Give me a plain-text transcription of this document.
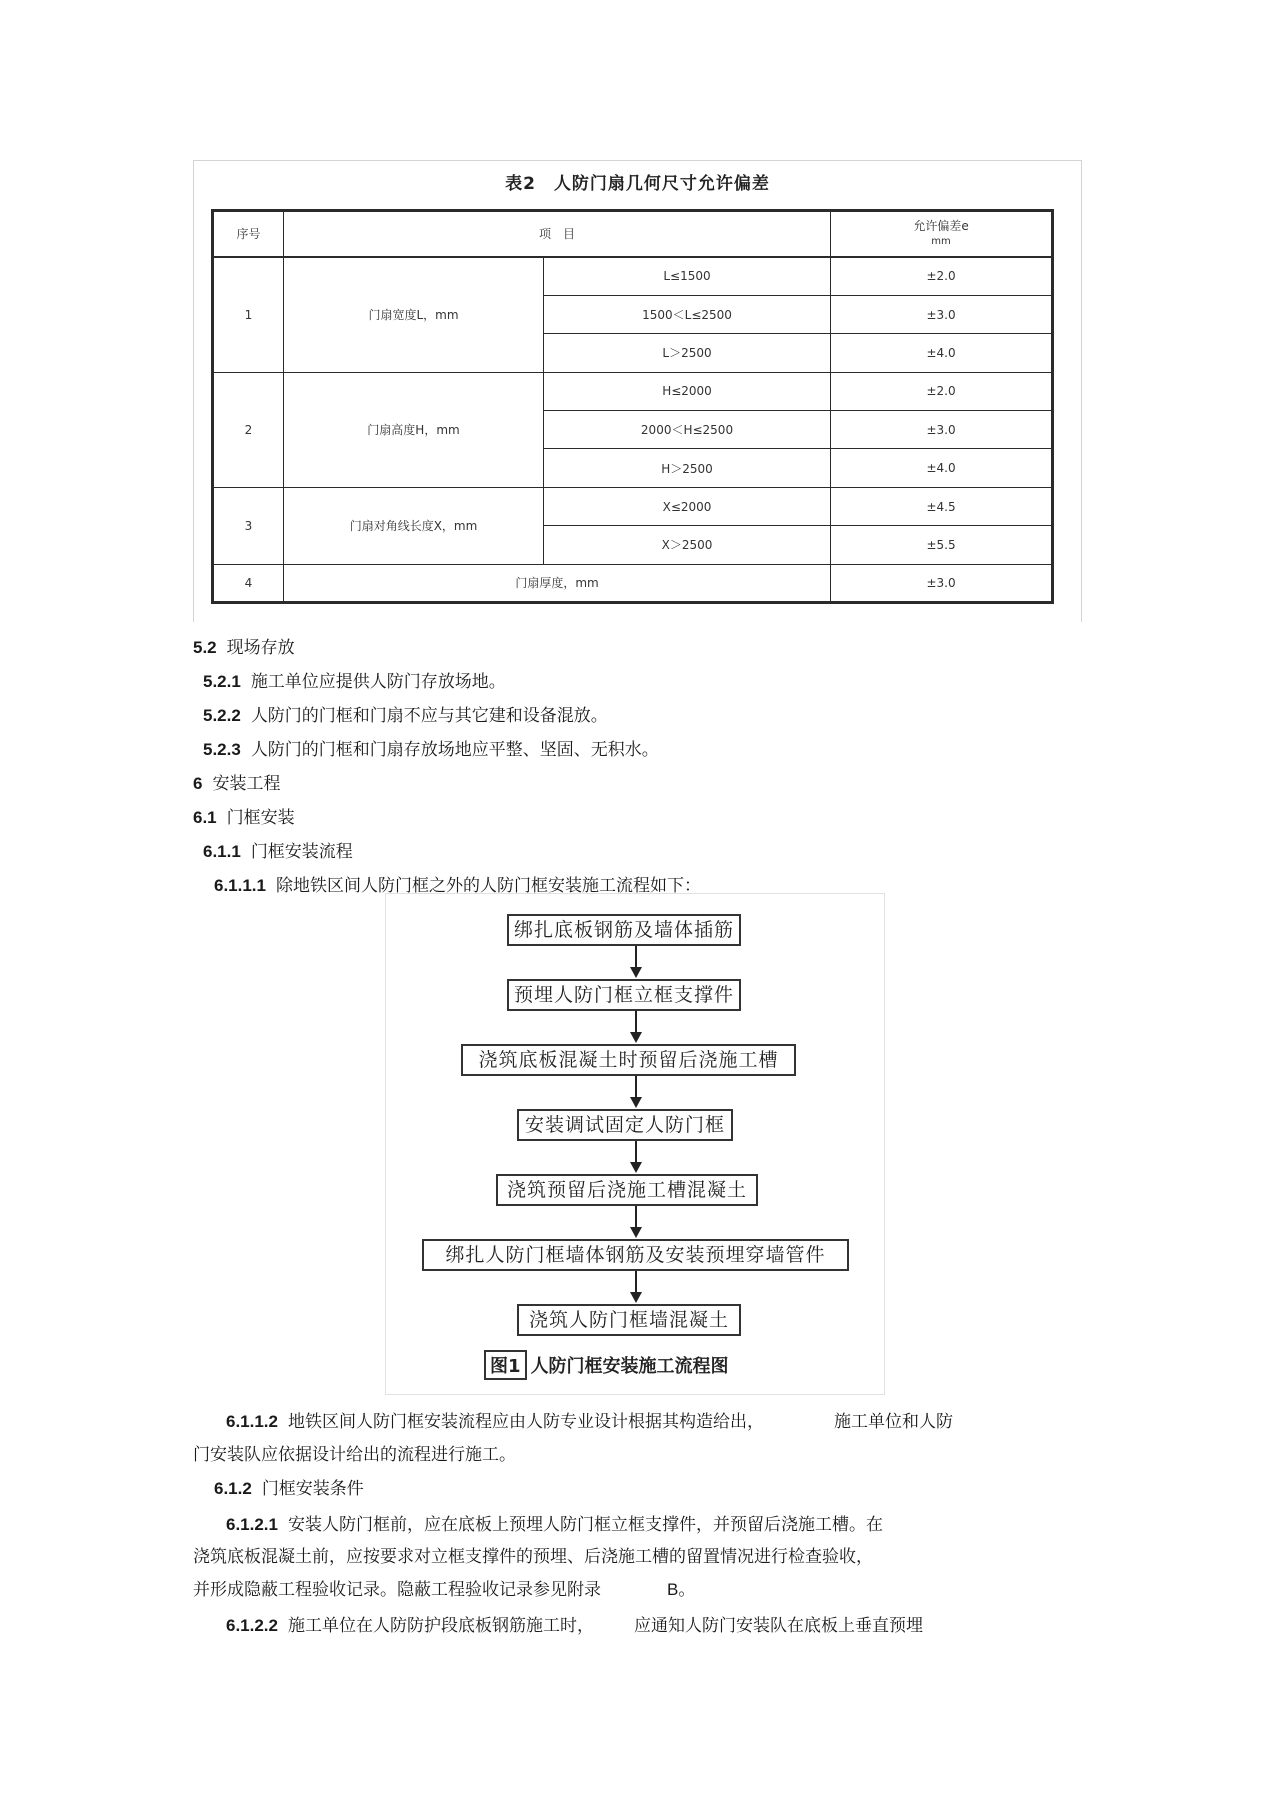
表2　人防门扇几何尺寸允许偏差
序号	项　目		允许偏差e
mm

1	门扇宽度L，mm	L≤1500	±2.0
		1500＜L≤2500	±3.0
		L＞2500	±4.0
2	门扇高度H，mm	H≤2000	±2.0
		2000＜H≤2500	±3.0
		H＞2500	±4.0
3	门扇对角线长度X，mm	X≤2000	±4.5
		X＞2500	±5.5
4	门扇厚度，mm		±3.0
5.2 现场存放
5.2.1 施工单位应提供人防门存放场地。
5.2.2 人防门的门框和门扇不应与其它建和设备混放。
5.2.3 人防门的门框和门扇存放场地应平整、坚固、无积水。
6 安装工程
6.1 门框安装
6.1.1 门框安装流程
6.1.1.1 除地铁区间人防门框之外的人防门框安装施工流程如下：
绑扎底板钢筋及墙体插筋
预埋人防门框立框支撑件
浇筑底板混凝土时预留后浇施工槽
安装调试固定人防门框
浇筑预留后浇施工槽混凝土
绑扎人防门框墙体钢筋及安装预埋穿墙管件
浇筑人防门框墙混凝土
图1 人防门框安装施工流程图
6.1.1.2 地铁区间人防门框安装流程应由人防专业设计根据其构造给出，	施工单位和人防
门安装队应依据设计给出的流程进行施工。
6.1.2 门框安装条件
6.1.2.1 安装人防门框前，应在底板上预埋人防门框立框支撑件，并预留后浇施工槽。在
浇筑底板混凝土前，应按要求对立框支撑件的预埋、后浇施工槽的留置情况进行检查验收，
并形成隐蔽工程验收记录。隐蔽工程验收记录参见附录	B。
6.1.2.2 施工单位在人防防护段底板钢筋施工时， 应通知人防门安装队在底板上垂直预埋
